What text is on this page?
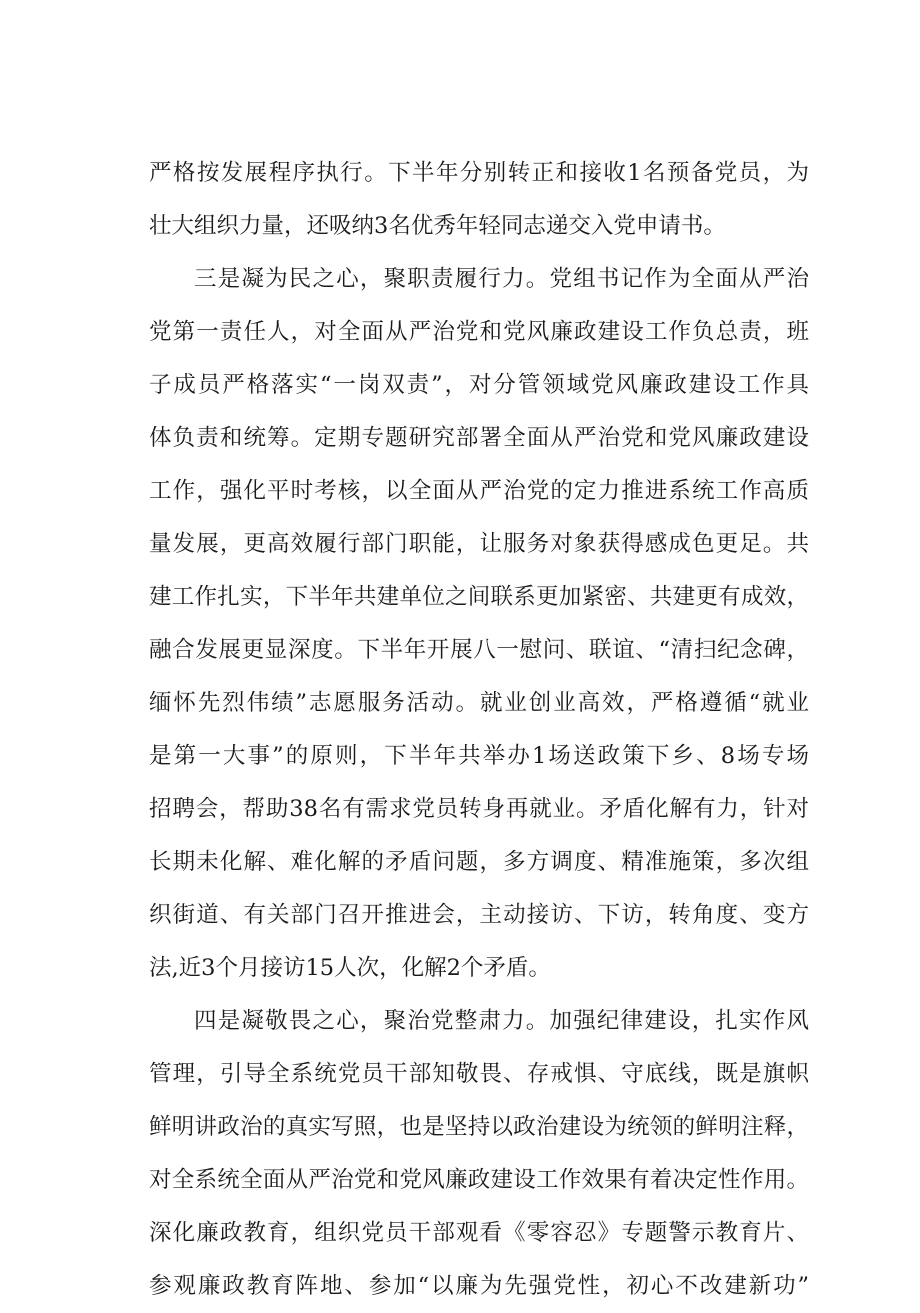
严格按发展程序执行。下半年分别转正和接收1名预备党员，为
壮大组织力量，还吸纳3名优秀年轻同志递交入党申请书。
三是凝为民之心，聚职责履行力。党组书记作为全面从严治
党第一责任人，对全面从严治党和党风廉政建设工作负总责，班
子成员严格落实“一岗双责”，对分管领域党风廉政建设工作具
体负责和统筹。定期专题研究部署全面从严治党和党风廉政建设
工作，强化平时考核，以全面从严治党的定力推进系统工作高质
量发展，更高效履行部门职能，让服务对象获得感成色更足。共
建工作扎实，下半年共建单位之间联系更加紧密、共建更有成效，
融合发展更显深度。下半年开展八一慰问、联谊、“清扫纪念碑，
缅怀先烈伟绩”志愿服务活动。就业创业高效，严格遵循“就业
是第一大事”的原则，下半年共举办1场送政策下乡、8场专场
招聘会，帮助38名有需求党员转身再就业。矛盾化解有力，针对
长期未化解、难化解的矛盾问题，多方调度、精准施策，多次组
织街道、有关部门召开推进会，主动接访、下访，转角度、变方
法,近3个月接访15人次，化解2个矛盾。
四是凝敬畏之心，聚治党整肃力。加强纪律建设，扎实作风
管理，引导全系统党员干部知敬畏、存戒惧、守底线，既是旗帜
鲜明讲政治的真实写照，也是坚持以政治建设为统领的鲜明注释，
对全系统全面从严治党和党风廉政建设工作效果有着决定性作用。
深化廉政教育，组织党员干部观看《零容忍》专题警示教育片、
参观廉政教育阵地、参加“以廉为先强党性，初心不改建新功”
